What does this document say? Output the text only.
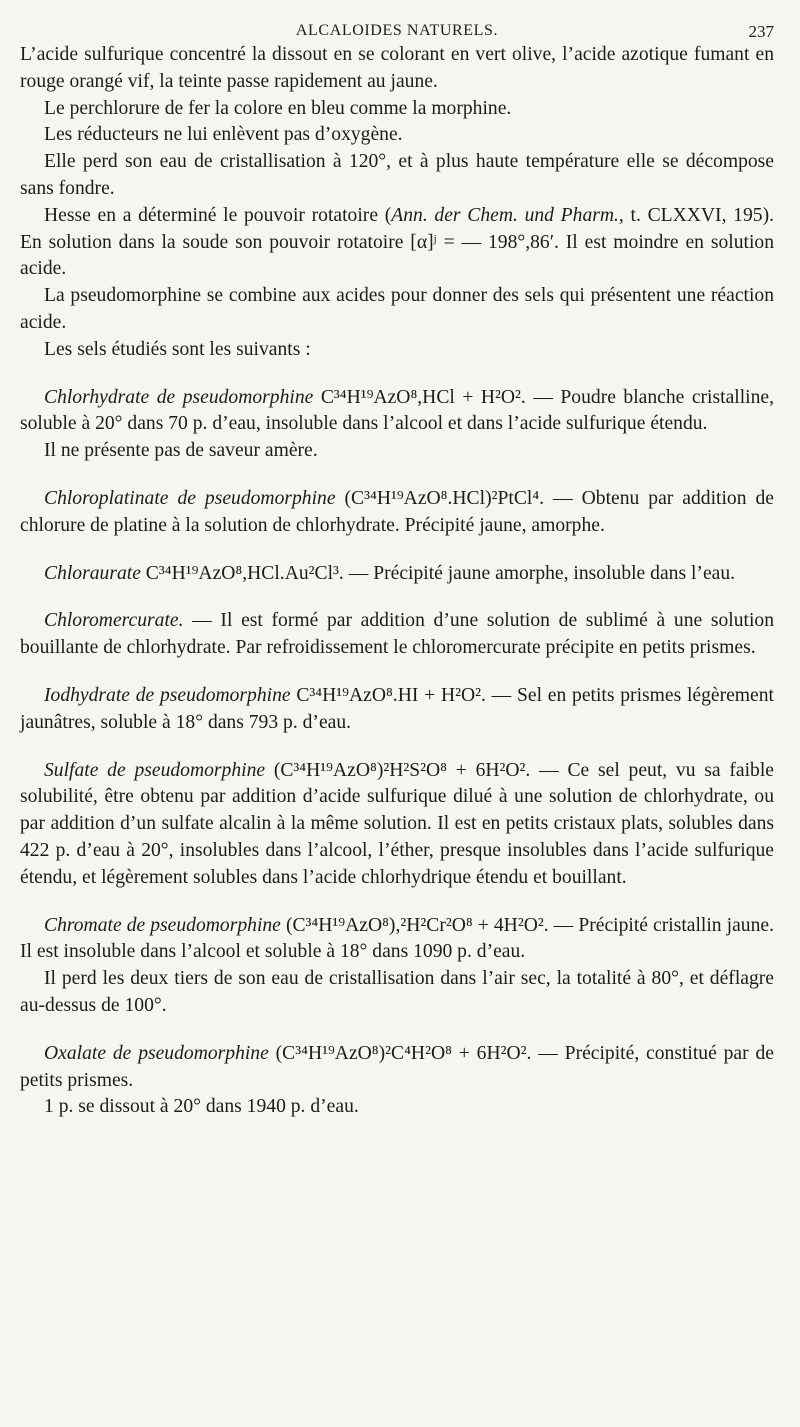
ALCALOIDES NATURELS.	237

L’acide sulfurique concentré la dissout en se colorant en vert olive, l’acide azotique fumant en rouge orangé vif, la teinte passe rapidement au jaune.

Le perchlorure de fer la colore en bleu comme la morphine.

Les réducteurs ne lui enlèvent pas d’oxygène.

Elle perd son eau de cristallisation à 120°, et à plus haute température elle se décompose sans fondre.

Hesse en a déterminé le pouvoir rotatoire (Ann. der Chem. und Pharm., t. CLXXVI, 195). En solution dans la soude son pouvoir rotatoire $[\alpha]^j$ = — 198°,86′. Il est moindre en solution acide.

La pseudomorphine se combine aux acides pour donner des sels qui présentent une réaction acide.

Les sels étudiés sont les suivants :

Chlorhydrate de pseudomorphine C³⁴H¹⁹AzO⁸,HCl + H²O². — Poudre blanche cristalline, soluble à 20° dans 70 p. d’eau, insoluble dans l’alcool et dans l’acide sulfurique étendu.

Il ne présente pas de saveur amère.

Chloroplatinate de pseudomorphine (C³⁴H¹⁹AzO⁸.HCl)²PtCl⁴. — Obtenu par addition de chlorure de platine à la solution de chlorhydrate. Précipité jaune, amorphe.

Chloraurate C³⁴H¹⁹AzO⁸,HCl.Au²Cl³. — Précipité jaune amorphe, insoluble dans l’eau.

Chloromercurate. — Il est formé par addition d’une solution de sublimé à une solution bouillante de chlorhydrate. Par refroidissement le chloromercurate précipite en petits prismes.

Iodhydrate de pseudomorphine C³⁴H¹⁹AzO⁸.HI + H²O². — Sel en petits prismes légèrement jaunâtres, soluble à 18° dans 793 p. d’eau.

Sulfate de pseudomorphine (C³⁴H¹⁹AzO⁸)²H²S²O⁸ + 6H²O². — Ce sel peut, vu sa faible solubilité, être obtenu par addition d’acide sulfurique dilué à une solution de chlorhydrate, ou par addition d’un sulfate alcalin à la même solution. Il est en petits cristaux plats, solubles dans 422 p. d’eau à 20°, insolubles dans l’alcool, l’éther, presque insolubles dans l’acide sulfurique étendu, et légèrement solubles dans l’acide chlorhydrique étendu et bouillant.

Chromate de pseudomorphine (C³⁴H¹⁹AzO⁸),²H²Cr²O⁸ + 4H²O². — Précipité cristallin jaune. Il est insoluble dans l’alcool et soluble à 18° dans 1090 p. d’eau.

Il perd les deux tiers de son eau de cristallisation dans l’air sec, la totalité à 80°, et déflagre au-dessus de 100°.

Oxalate de pseudomorphine (C³⁴H¹⁹AzO⁸)²C⁴H²O⁸ + 6H²O². — Précipité, constitué par de petits prismes.

1 p. se dissout à 20° dans 1940 p. d’eau.
